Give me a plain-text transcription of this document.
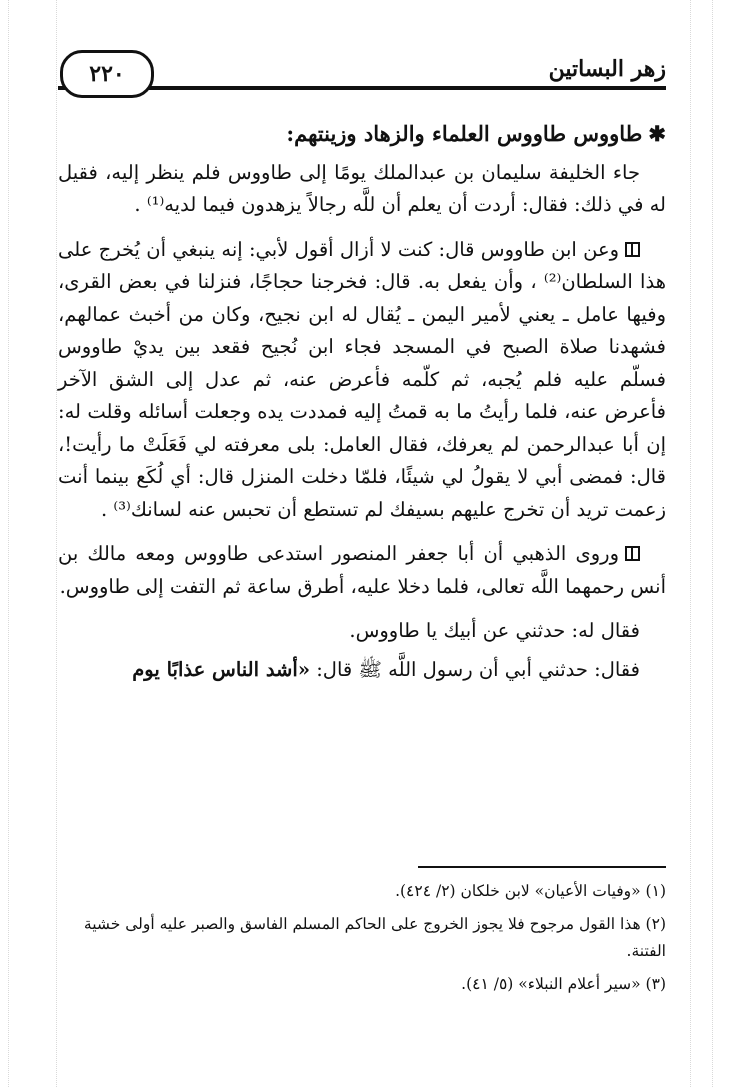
٢٢٠	زهر البساتين

✱طاووس طاووس العلماء والزهاد وزينتهم:

جاء الخليفة سليمان بن عبدالملك يومًا إلى طاووس فلم ينظر إليه، فقيل له في ذلك: فقال: أردت أن يعلم أن للَّه رجالاً يزهدون فيما لديه⁽¹⁾ .

وعن ابن طاووس قال: كنت لا أزال أقول لأبي: إنه ينبغي أن يُخرج على هذا السلطان⁽²⁾ ، وأن يفعل به. قال: فخرجنا حجاجًا، فنزلنا في بعض القرى، وفيها عامل ـ يعني لأمير اليمن ـ يُقال له ابن نجيح، وكان من أخبث عمالهم، فشهدنا صلاة الصبح في المسجد فجاء ابن نُجيح فقعد بين يديْ طاووس فسلّم عليه فلم يُجبه، ثم كلّمه فأعرض عنه، ثم عدل إلى الشق الآخر فأعرض عنه، فلما رأيتُ ما به قمتُ إليه فمددت يده وجعلت أسائله وقلت له: إن أبا عبدالرحمن لم يعرفك، فقال العامل: بلى معرفته لي فَعَلَتْ ما رأيت!، قال: فمضى أبي لا يقولُ لي شيئًا، فلمّا دخلت المنزل قال: أي لُكَع بينما أنت زعمت تريد أن تخرج عليهم بسيفك لم تستطع أن تحبس عنه لسانك⁽³⁾ .

وروى الذهبي أن أبا جعفر المنصور استدعى طاووس ومعه مالك بن أنس رحمهما اللَّه تعالى، فلما دخلا عليه، أطرق ساعة ثم التفت إلى طاووس.

فقال له: حدثني عن أبيك يا طاووس.

فقال: حدثني أبي أن رسول اللَّه ﷺ قال: «أشد الناس عذابًا يوم

(١) «وفيات الأعيان» لابن خلكان (٢/ ٤٢٤).

(٢) هذا القول مرجوح فلا يجوز الخروج على الحاكم المسلم الفاسق والصبر عليه أولى خشية الفتنة.

(٣) «سير أعلام النبلاء» (٥/ ٤١).
